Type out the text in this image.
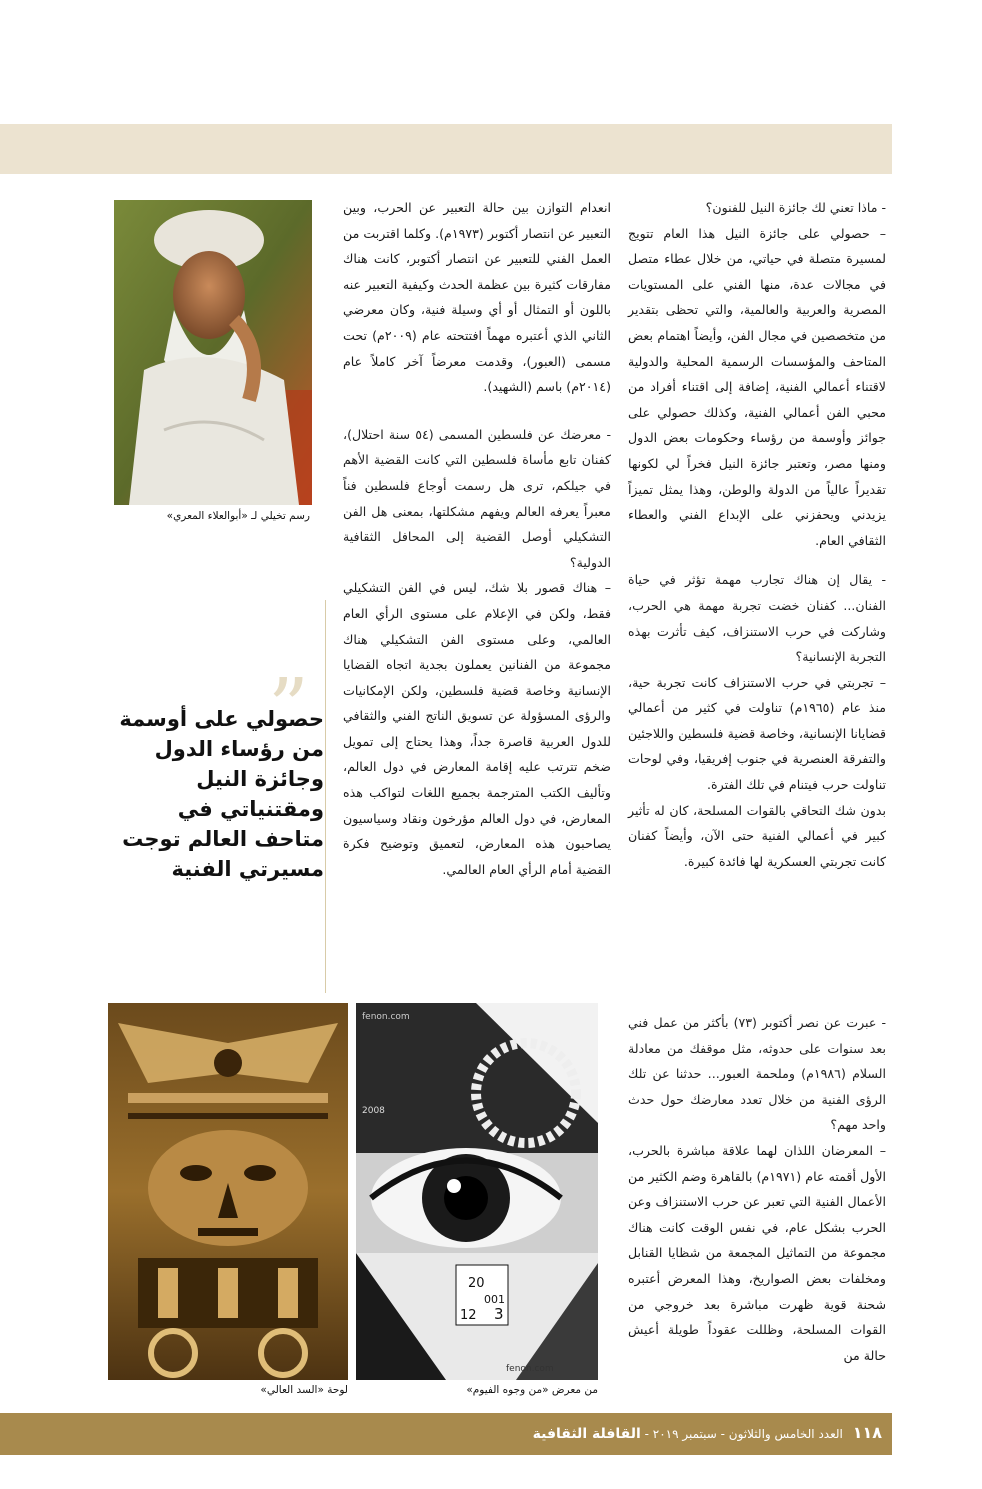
رسم تخيلي لـ «أبوالعلاء المعري»

- ماذا تعني لك جائزة النيل للفنون؟

– حصولي على جائزة النيل هذا العام تتويج لمسيرة متصلة في حياتي، من خلال عطاء متصل في مجالات عدة، منها الفني على المستويات المصرية والعربية والعالمية، والتي تحظى بتقدير من متخصصين في مجال الفن، وأيضاً اهتمام بعض المتاحف والمؤسسات الرسمية المحلية والدولية لاقتناء أعمالي الفنية، إضافة إلى اقتناء أفراد من محبي الفن أعمالي الفنية، وكذلك حصولي على جوائز وأوسمة من رؤساء وحكومات بعض الدول ومنها مصر، وتعتبر جائزة النيل فخراً لي لكونها تقديراً عالياً من الدولة والوطن، وهذا يمثل تميزاً يزيدني ويحفزني على الإبداع الفني والعطاء الثقافي العام.

- يقال إن هناك تجارب مهمة تؤثر في حياة الفنان... كفنان خضت تجربة مهمة هي الحرب، وشاركت في حرب الاستنزاف، كيف تأثرت بهذه التجربة الإنسانية؟

– تجربتي في حرب الاستنزاف كانت تجربة حية، منذ عام (١٩٦٥م) تناولت في كثير من أعمالي قضايانا الإنسانية، وخاصة قضية فلسطين واللاجئين والتفرقة العنصرية في جنوب إفريقيا، وفي لوحات تناولت حرب فيتنام في تلك الفترة.

بدون شك التحاقي بالقوات المسلحة، كان له تأثير كبير في أعمالي الفنية حتى الآن، وأيضاً كفنان كانت تجربتي العسكرية لها فائدة كبيرة.

- عبرت عن نصر أكتوبر (٧٣) بأكثر من عمل فني بعد سنوات على حدوثه، مثل موقفك من معادلة السلام (١٩٨٦م) وملحمة العبور... حدثنا عن تلك الرؤى الفنية من خلال تعدد معارضك حول حدث واحد مهم؟

– المعرضان اللذان لهما علاقة مباشرة بالحرب، الأول أقمته عام (١٩٧١م) بالقاهرة وضم الكثير من الأعمال الفنية التي تعبر عن حرب الاستنزاف وعن الحرب بشكل عام، في نفس الوقت كانت هناك مجموعة من التماثيل المجمعة من شظايا القنابل ومخلفات بعض الصواريخ، وهذا المعرض أعتبره شحنة قوية ظهرت مباشرة بعد خروجي من القوات المسلحة، وظللت عقوداً طويلة أعيش حالة من

انعدام التوازن بين حالة التعبير عن الحرب، وبين التعبير عن انتصار أكتوبر (١٩٧٣م). وكلما اقتربت من العمل الفني للتعبير عن انتصار أكتوبر، كانت هناك مفارقات كثيرة بين عظمة الحدث وكيفية التعبير عنه باللون أو التمثال أو أي وسيلة فنية، وكان معرضي الثاني الذي أعتبره مهماً افتتحته عام (٢٠٠٩م) تحت مسمى (العبور)، وقدمت معرضاً آخر كاملاً عام (٢٠١٤م) باسم (الشهيد).

- معرضك عن فلسطين المسمى (٥٤ سنة احتلال)، كفنان تابع مأساة فلسطين التي كانت القضية الأهم في جيلكم، ترى هل رسمت أوجاع فلسطين فناً معبراً يعرفه العالم ويفهم مشكلتها، بمعنى هل الفن التشكيلي أوصل القضية إلى المحافل الثقافية الدولية؟

– هناك قصور بلا شك، ليس في الفن التشكيلي فقط، ولكن في الإعلام على مستوى الرأي العام العالمي، وعلى مستوى الفن التشكيلي هناك مجموعة من الفنانين يعملون بجدية اتجاه القضايا الإنسانية وخاصة قضية فلسطين، ولكن الإمكانيات والرؤى المسؤولة عن تسويق الناتج الفني والثقافي للدول العربية قاصرة جداً، وهذا يحتاج إلى تمويل ضخم تترتب عليه إقامة المعارض في دول العالم، وتأليف الكتب المترجمة بجميع اللغات لتواكب هذه المعارض، في دول العالم مؤرخون ونقاد وسياسيون يصاحبون هذه المعارض، لتعميق وتوضيح فكرة القضية أمام الرأي العام العالمي.

”
حصولي على أوسمة من رؤساء الدول وجائزة النيل ومقتنياتي في متاحف العالم توجت مسيرتي الفنية
20
001
12 3
2008
fenon.com
fenon.com
من معرض «من وجوه الفيوم»
لوحة «السد العالي»
١١٨ العدد الخامس والثلاثون - سبتمبر ٢٠١٩ - القافلة الثقافية
